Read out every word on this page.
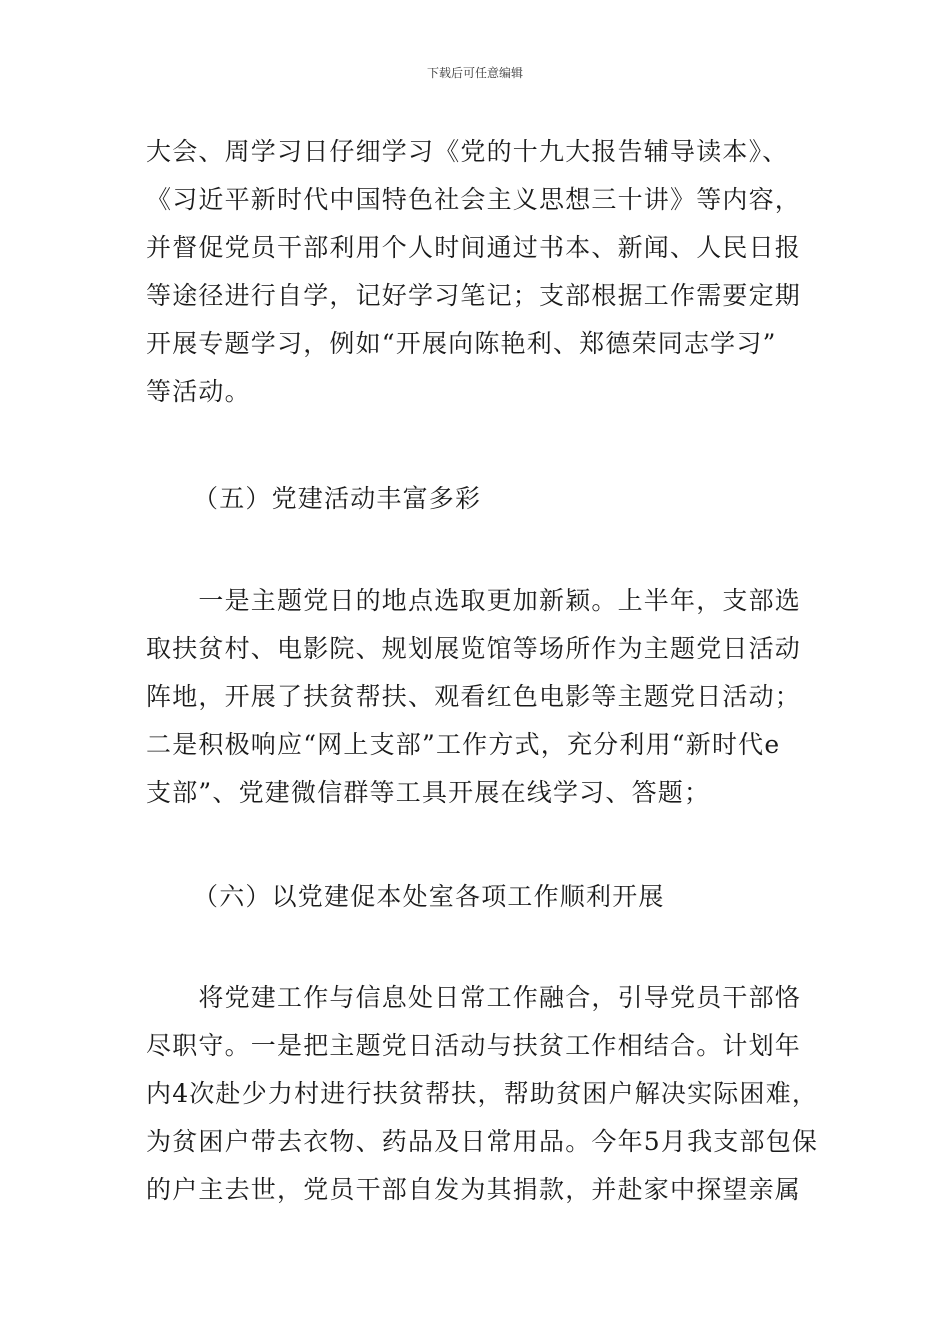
下载后可任意编辑
大会、周学习日仔细学习《党的十九大报告辅导读本》、
《习近平新时代中国特色社会主义思想三十讲》等内容，
并督促党员干部利用个人时间通过书本、新闻、人民日报
等途径进行自学，记好学习笔记；支部根据工作需要定期
开展专题学习，例如“开展向陈艳利、郑德荣同志学习”
等活动。
（五）党建活动丰富多彩
　　一是主题党日的地点选取更加新颖。上半年，支部选
取扶贫村、电影院、规划展览馆等场所作为主题党日活动
阵地，开展了扶贫帮扶、观看红色电影等主题党日活动；
二是积极响应“网上支部”工作方式，充分利用“新时代e
支部”、党建微信群等工具开展在线学习、答题；
（六）以党建促本处室各项工作顺利开展
　　将党建工作与信息处日常工作融合，引导党员干部恪
尽职守。一是把主题党日活动与扶贫工作相结合。计划年
内4次赴少力村进行扶贫帮扶，帮助贫困户解决实际困难，
为贫困户带去衣物、药品及日常用品。今年5月我支部包保
的户主去世，党员干部自发为其捐款，并赴家中探望亲属
